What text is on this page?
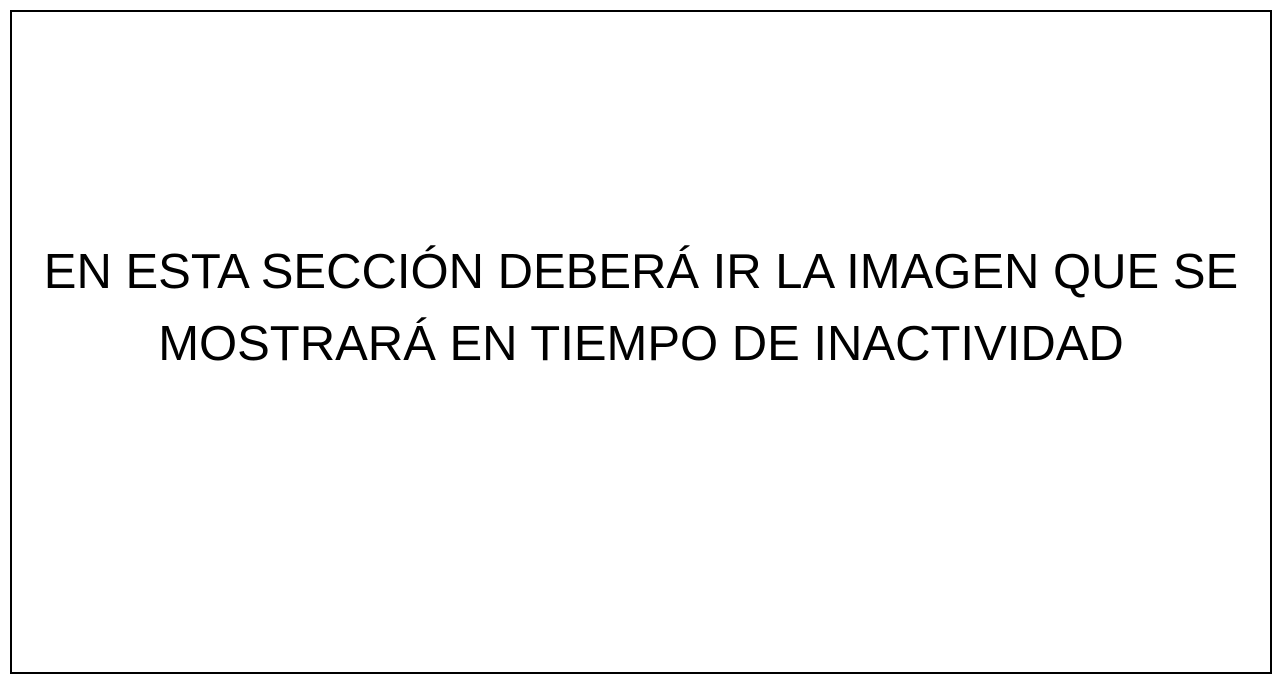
EN ESTA SECCIÓN DEBERÁ IR LA IMAGEN QUE SE
MOSTRARÁ EN TIEMPO DE INACTIVIDAD
